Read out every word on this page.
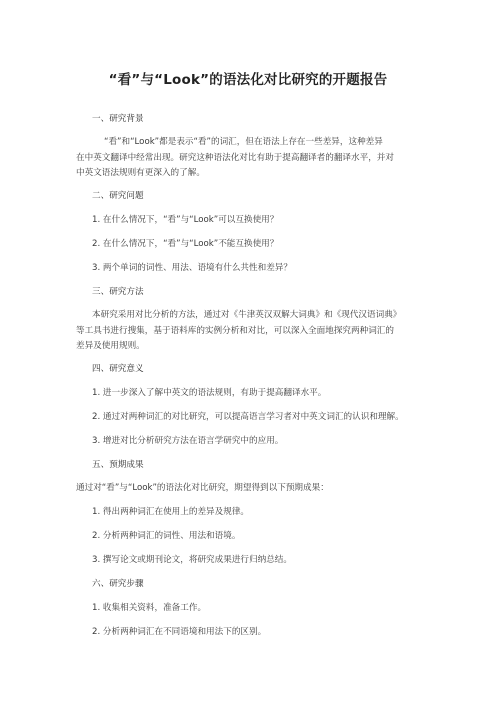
“看”与“Look”的语法化对比研究的开题报告
一、研究背景
“看”和“Look”都是表示“看”的词汇，但在语法上存在一些差异，这种差异
在中英文翻译中经常出现。研究这种语法化对比有助于提高翻译者的翻译水平，并对
中英文语法规则有更深入的了解。
二、研究问题
1. 在什么情况下，“看”与“Look”可以互换使用？
2. 在什么情况下，“看”与“Look”不能互换使用？
3. 两个单词的词性、用法、语境有什么共性和差异？
三、研究方法
本研究采用对比分析的方法，通过对《牛津英汉双解大词典》和《现代汉语词典》
等工具书进行搜集，基于语料库的实例分析和对比，可以深入全面地探究两种词汇的
差异及使用规则。
四、研究意义
1. 进一步深入了解中英文的语法规则，有助于提高翻译水平。
2. 通过对两种词汇的对比研究，可以提高语言学习者对中英文词汇的认识和理解。
3. 增进对比分析研究方法在语言学研究中的应用。
五、预期成果
通过对“看”与“Look”的语法化对比研究，期望得到以下预期成果：
1. 得出两种词汇在使用上的差异及规律。
2. 分析两种词汇的词性、用法和语境。
3. 撰写论文或期刊论文，将研究成果进行归纳总结。
六、研究步骤
1. 收集相关资料，准备工作。
2. 分析两种词汇在不同语境和用法下的区别。
